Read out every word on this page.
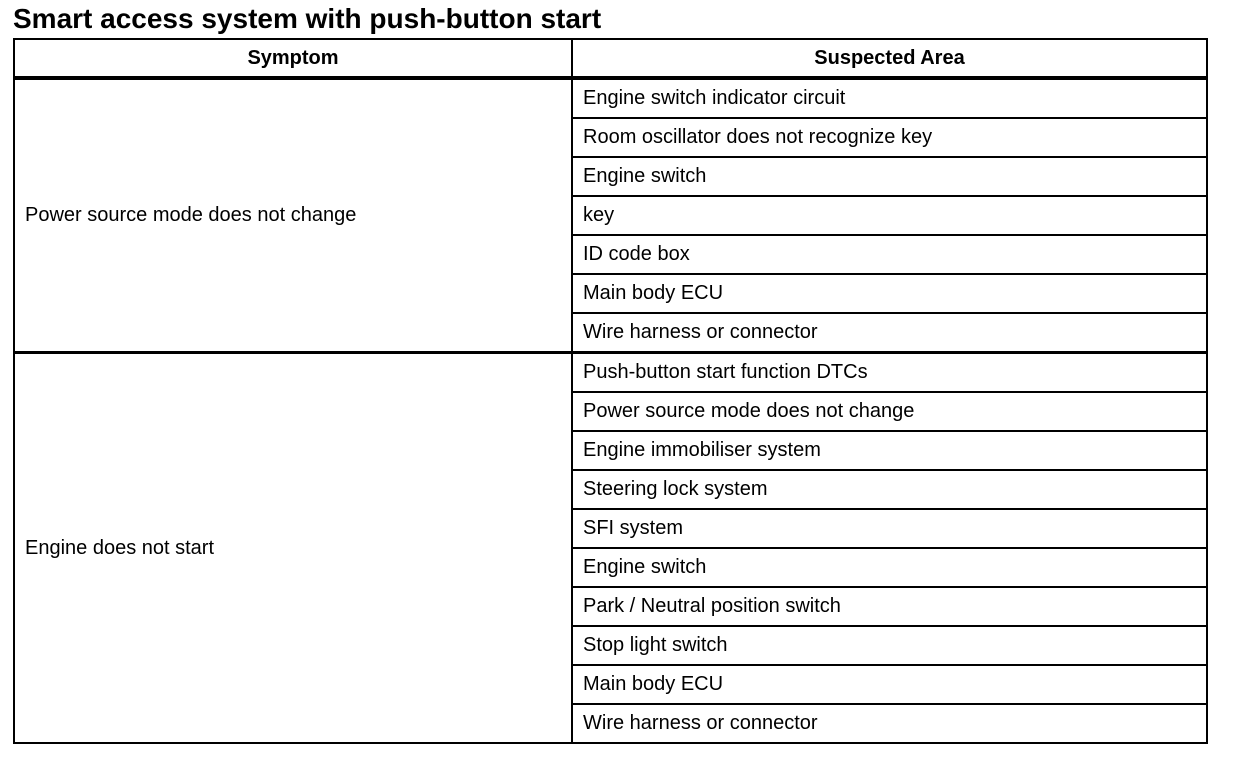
Smart access system with push-button start
Symptom	Suspected Area
Power source mode does not change	Engine switch indicator circuit
	Room oscillator does not recognize key
	Engine switch
	key
	ID code box
	Main body ECU
	Wire harness or connector
Engine does not start	Push-button start function DTCs
	Power source mode does not change
	Engine immobiliser system
	Steering lock system
	SFI system
	Engine switch
	Park / Neutral position switch
	Stop light switch
	Main body ECU
	Wire harness or connector
